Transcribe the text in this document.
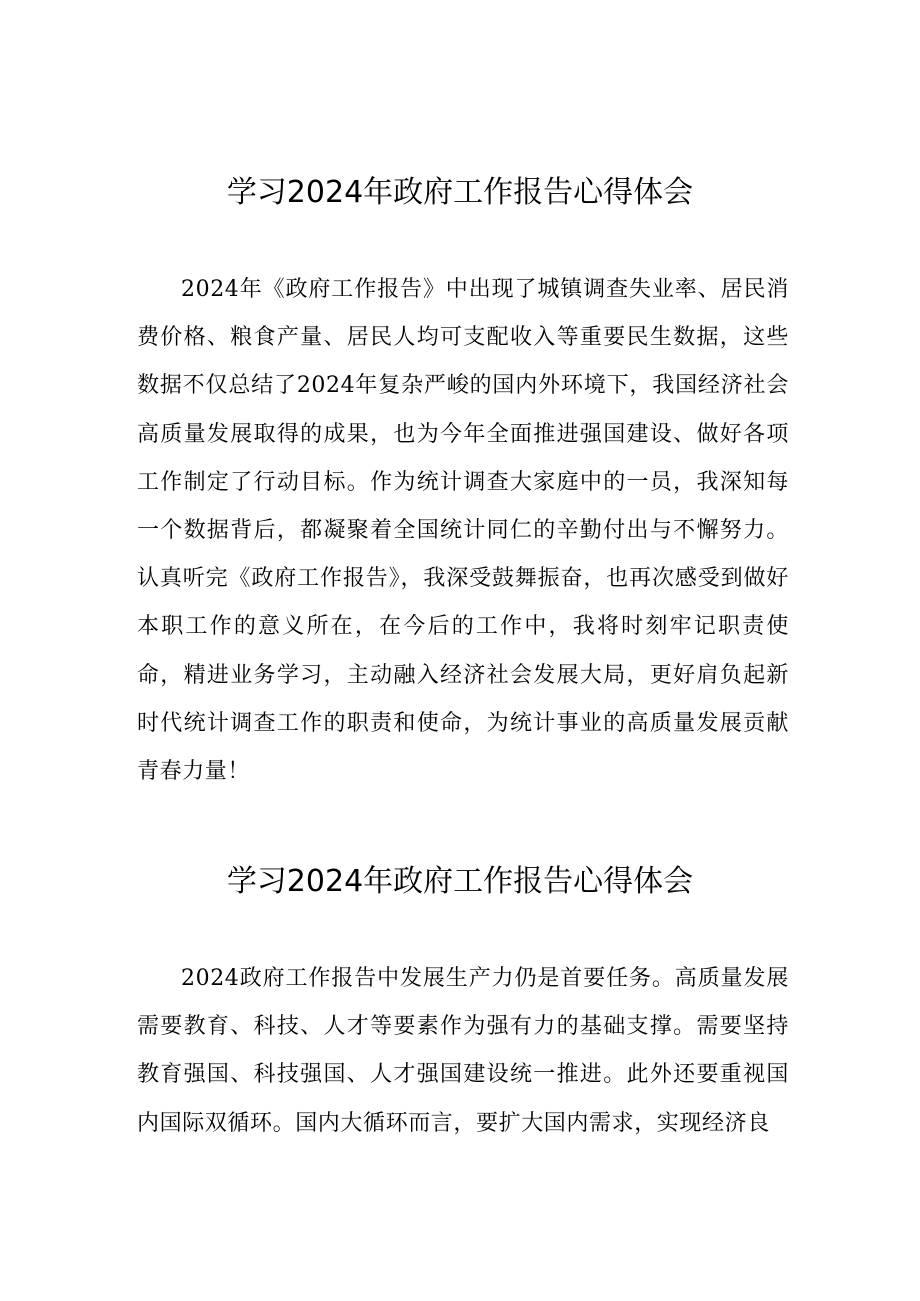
学习2024年政府工作报告心得体会

2024年《政府工作报告》中出现了城镇调查失业率、居民消费价格、粮食产量、居民人均可支配收入等重要民生数据，这些数据不仅总结了2024年复杂严峻的国内外环境下，我国经济社会高质量发展取得的成果，也为今年全面推进强国建设、做好各项工作制定了行动目标。作为统计调查大家庭中的一员，我深知每一个数据背后，都凝聚着全国统计同仁的辛勤付出与不懈努力。认真听完《政府工作报告》，我深受鼓舞振奋，也再次感受到做好本职工作的意义所在，在今后的工作中，我将时刻牢记职责使命，精进业务学习，主动融入经济社会发展大局，更好肩负起新时代统计调查工作的职责和使命，为统计事业的高质量发展贡献青春力量！

学习2024年政府工作报告心得体会

2024政府工作报告中发展生产力仍是首要任务。高质量发展需要教育、科技、人才等要素作为强有力的基础支撑。需要坚持教育强国、科技强国、人才强国建设统一推进。此外还要重视国内国际双循环。国内大循环而言，要扩大国内需求，实现经济良
